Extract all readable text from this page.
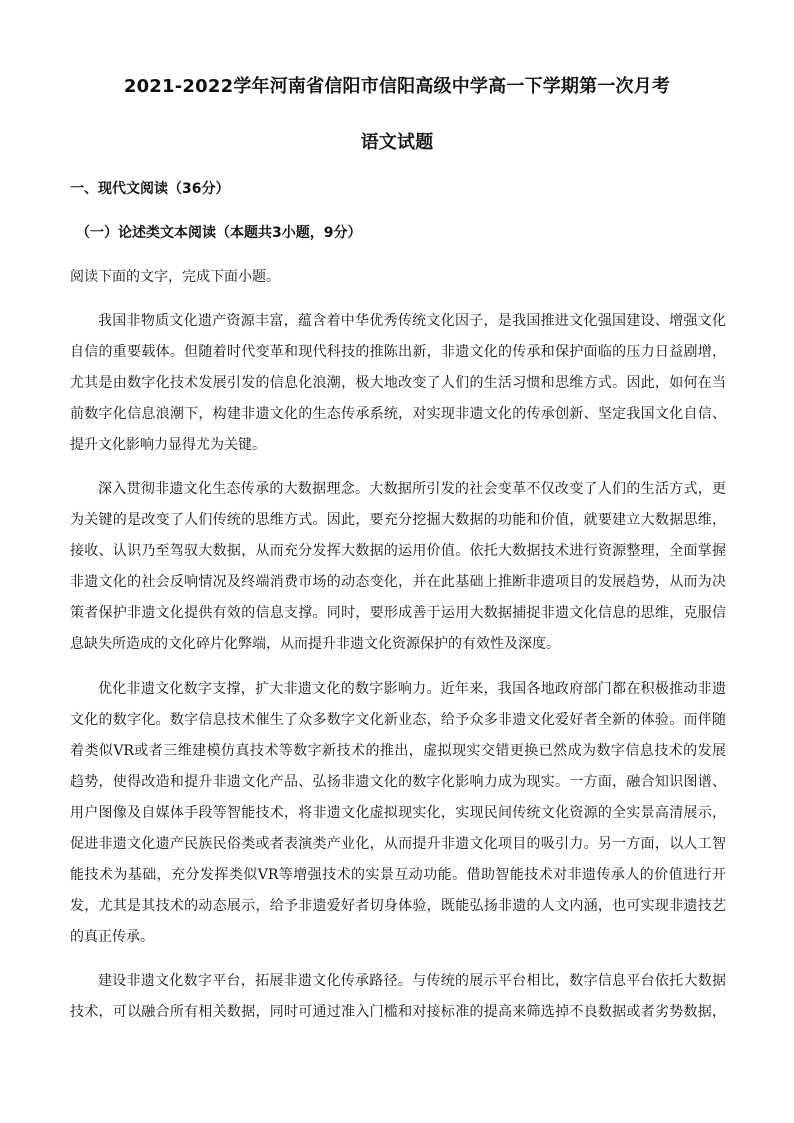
2021-2022学年河南省信阳市信阳高级中学高一下学期第一次月考
语文试题
一、现代文阅读（36分）
（一）论述类文本阅读（本题共3小题，9分）
阅读下面的文字，完成下面小题。
我国非物质文化遗产资源丰富，蕴含着中华优秀传统文化因子，是我国推进文化强国建设、增强文化
自信的重要载体。但随着时代变革和现代科技的推陈出新，非遗文化的传承和保护面临的压力日益剧增，
尤其是由数字化技术发展引发的信息化浪潮，极大地改变了人们的生活习惯和思维方式。因此，如何在当
前数字化信息浪潮下，构建非遗文化的生态传承系统，对实现非遗文化的传承创新、坚定我国文化自信、
提升文化影响力显得尤为关键。
深入贯彻非遗文化生态传承的大数据理念。大数据所引发的社会变革不仅改变了人们的生活方式，更
为关键的是改变了人们传统的思维方式。因此，要充分挖掘大数据的功能和价值，就要建立大数据思维，
接收、认识乃至驾驭大数据，从而充分发挥大数据的运用价值。依托大数据技术进行资源整理，全面掌握
非遗文化的社会反响情况及终端消费市场的动态变化，并在此基础上推断非遗项目的发展趋势，从而为决
策者保护非遗文化提供有效的信息支撑。同时，要形成善于运用大数据捕捉非遗文化信息的思维，克服信
息缺失所造成的文化碎片化弊端，从而提升非遗文化资源保护的有效性及深度。
优化非遗文化数字支撑，扩大非遗文化的数字影响力。近年来，我国各地政府部门都在积极推动非遗
文化的数字化。数字信息技术催生了众多数字文化新业态，给予众多非遗文化爱好者全新的体验。而伴随
着类似VR或者三维建模仿真技术等数字新技术的推出，虚拟现实交错更换已然成为数字信息技术的发展
趋势，使得改造和提升非遗文化产品、弘扬非遗文化的数字化影响力成为现实。一方面，融合知识图谱、
用户图像及自媒体手段等智能技术，将非遗文化虚拟现实化，实现民间传统文化资源的全实景高清展示，
促进非遗文化遗产民族民俗类或者表演类产业化，从而提升非遗文化项目的吸引力。另一方面，以人工智
能技术为基础，充分发挥类似VR等增强技术的实景互动功能。借助智能技术对非遗传承人的价值进行开
发，尤其是其技术的动态展示，给予非遗爱好者切身体验，既能弘扬非遗的人文内涵，也可实现非遗技艺
的真正传承。
建设非遗文化数字平台，拓展非遗文化传承路径。与传统的展示平台相比，数字信息平台依托大数据
技术，可以融合所有相关数据，同时可通过准入门槛和对接标准的提高来筛选掉不良数据或者劣势数据，
